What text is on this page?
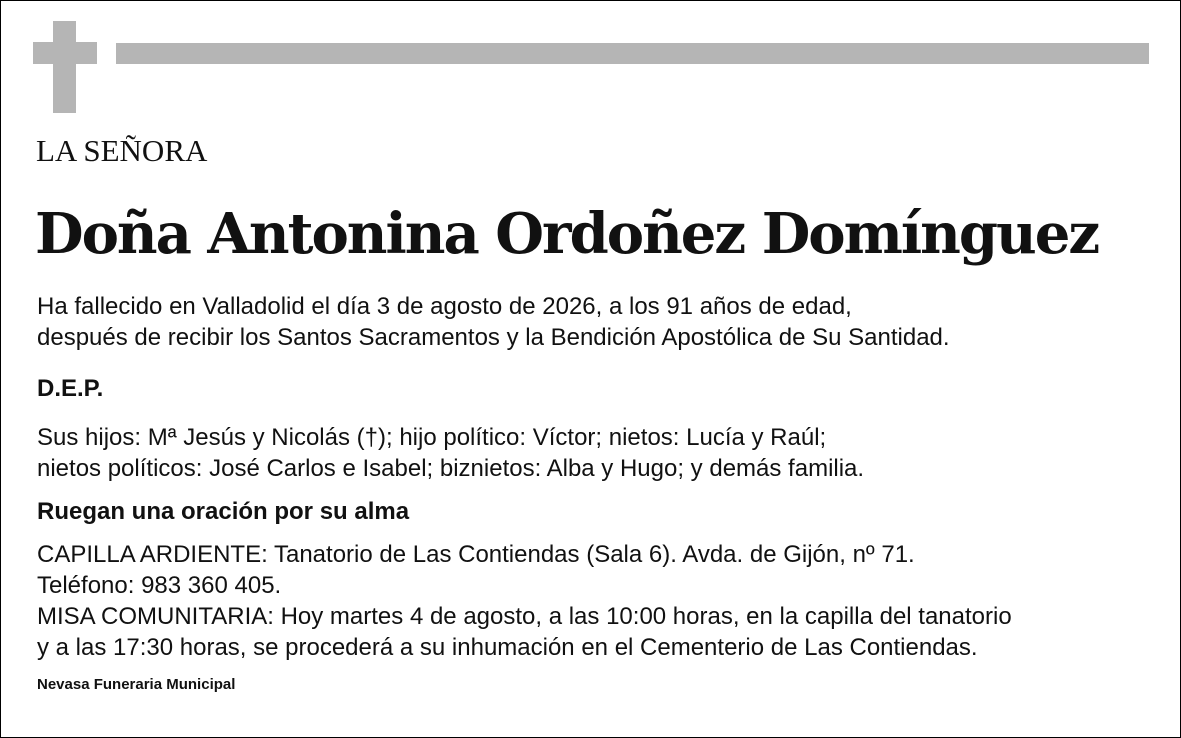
LA SEÑORA
Doña Antonina Ordoñez Domínguez
Ha fallecido en Valladolid el día 3 de agosto de 2026, a los 91 años de edad,
después de recibir los Santos Sacramentos y la Bendición Apostólica de Su Santidad.
D.E.P.
Sus hijos: Mª Jesús y Nicolás (†); hijo político: Víctor; nietos: Lucía y Raúl;
nietos políticos: José Carlos e Isabel; biznietos: Alba y Hugo; y demás familia.
Ruegan una oración por su alma
CAPILLA ARDIENTE: Tanatorio de Las Contiendas (Sala 6). Avda. de Gijón, nº 71.
Teléfono: 983 360 405.
MISA COMUNITARIA: Hoy martes 4 de agosto, a las 10:00 horas, en la capilla del tanatorio
y a las 17:30 horas, se procederá a su inhumación en el Cementerio de Las Contiendas.
Nevasa Funeraria Municipal
